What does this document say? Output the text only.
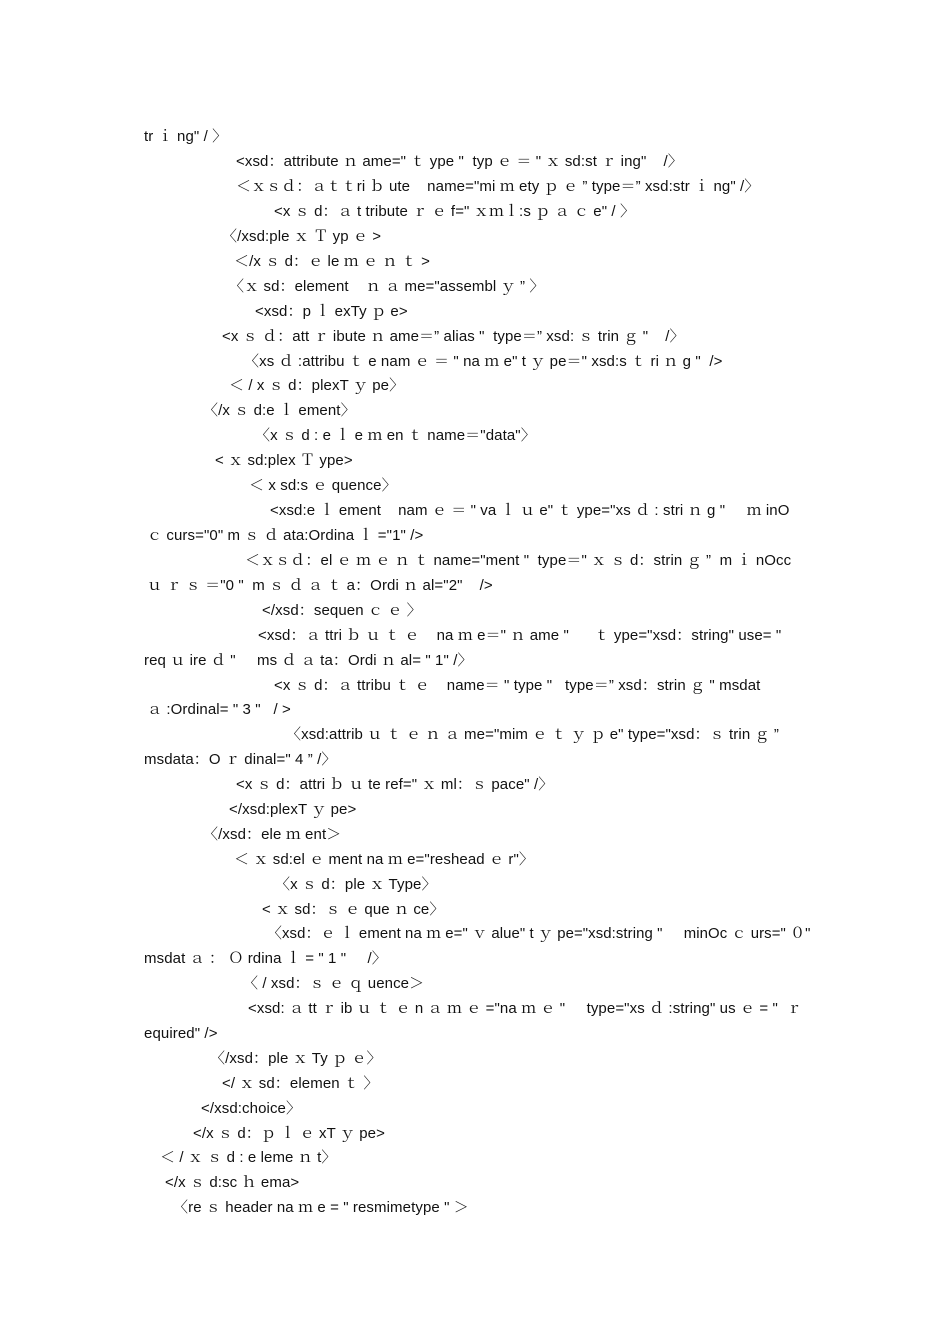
tr ｉ ng" / 〉
<xsd：attribute ｎ ame=" ｔ ype "  typ ｅ ＝ " ｘ sd:st ｒ ing"    /〉
＜ｘｓｄ：ａｔｔri ｂ ute    name="mi ｍ ety ｐ ｅ ” type＝” xsd:str ｉ ng" /〉
<x ｓ d：ａ t tribute ｒ ｅ f=" ｘｍｌ:s ｐ ａ ｃ e" / 〉
〈/xsd:ple ｘ Ｔ yp ｅ >
＜/x ｓ d：ｅ le ｍ ｅ ｎ ｔ >
〈ｘ sd：element    ｎ ａ me="assembl ｙ ” 〉
<xsd：p ｌ exTy ｐ e>
<x ｓ ｄ：att ｒ ibute ｎ ame＝” alias "  type＝” xsd: ｓ trin ｇ "    /〉
〈xs ｄ :attribu ｔ e nam ｅ ＝ " na ｍ e" t ｙ pe＝" xsd:s ｔ ri ｎ g "  />
＜ / x ｓ d：plexT ｙ pe〉
〈/x ｓ d:e ｌ ement〉
〈x ｓ d : e ｌ e ｍ en ｔ name＝"data"〉
< ｘ sd:plex Ｔ ype>
＜ x sd:s ｅ quence〉
<xsd:e ｌ ement    nam ｅ ＝ " va ｌ ｕ e" ｔ ype="xs ｄ : stri ｎ g "     ｍ inO
ｃ curs="0" m ｓ ｄ ata:Ordina ｌ ="1" />
＜ｘｓｄ：el ｅ ｍ ｅ ｎ ｔ name="ment "  type＝" ｘ ｓ d：strin ｇ ”  m ｉ nOcc
ｕ ｒ ｓ ＝"0 "  m ｓ ｄ ａ ｔ a：Ordi ｎ al="2"    />
</xsd：sequen ｃ ｅ 〉
<xsd：ａ ttri ｂ ｕ ｔ ｅ    na ｍ e＝" ｎ ame "      ｔ ype="xsd：string" use= "
req ｕ ire ｄ "     ms ｄ ａ ta：Ordi ｎ al= " 1" /〉
<x ｓ d：ａ ttribu ｔ ｅ    name＝ " type "   type＝” xsd：strin ｇ " msdat
ａ :Ordinal= " 3 "   / >
〈xsd:attrib ｕ ｔ ｅ ｎ ａ me="mim ｅ ｔ ｙ ｐ e" type="xsd：ｓ trin ｇ ”
msdata：O ｒ dinal=" 4 ” /〉
<x ｓ d：attri ｂ ｕ te ref=" ｘ ml：ｓ pace" /〉
</xsd:plexT ｙ pe>
〈/xsd：ele ｍ ent＞
＜ ｘ sd:el ｅ ment na ｍ e="reshead ｅ r"〉
〈x ｓ d：ple ｘ Type〉
< ｘ sd：ｓ ｅ que ｎ ce〉
〈xsd：ｅ ｌ ement na ｍ e=" ｖ alue" t ｙ pe="xsd:string "     minOc ｃ urs=" ０"
msdat ａ ： Ｏ rdina ｌ = " 1 "     /〉
〈 / xsd：ｓ ｅ ｑ uence＞
<xsd: ａ tt ｒ ib ｕ ｔ ｅ n ａ ｍ ｅ ="na ｍ ｅ "     type="xs ｄ :string" us ｅ = "  ｒ
equired" />
〈/xsd：ple ｘ Ty ｐ ｅ〉
</ ｘ sd：elemen ｔ 〉
</xsd:choice〉
</x ｓ d：ｐ ｌ ｅ xT ｙ pe>
＜ / ｘ ｓ d : e leme ｎ t〉
</x ｓ d:sc ｈ ema>
〈re ｓ header na ｍ e = " resmimetype " ＞
